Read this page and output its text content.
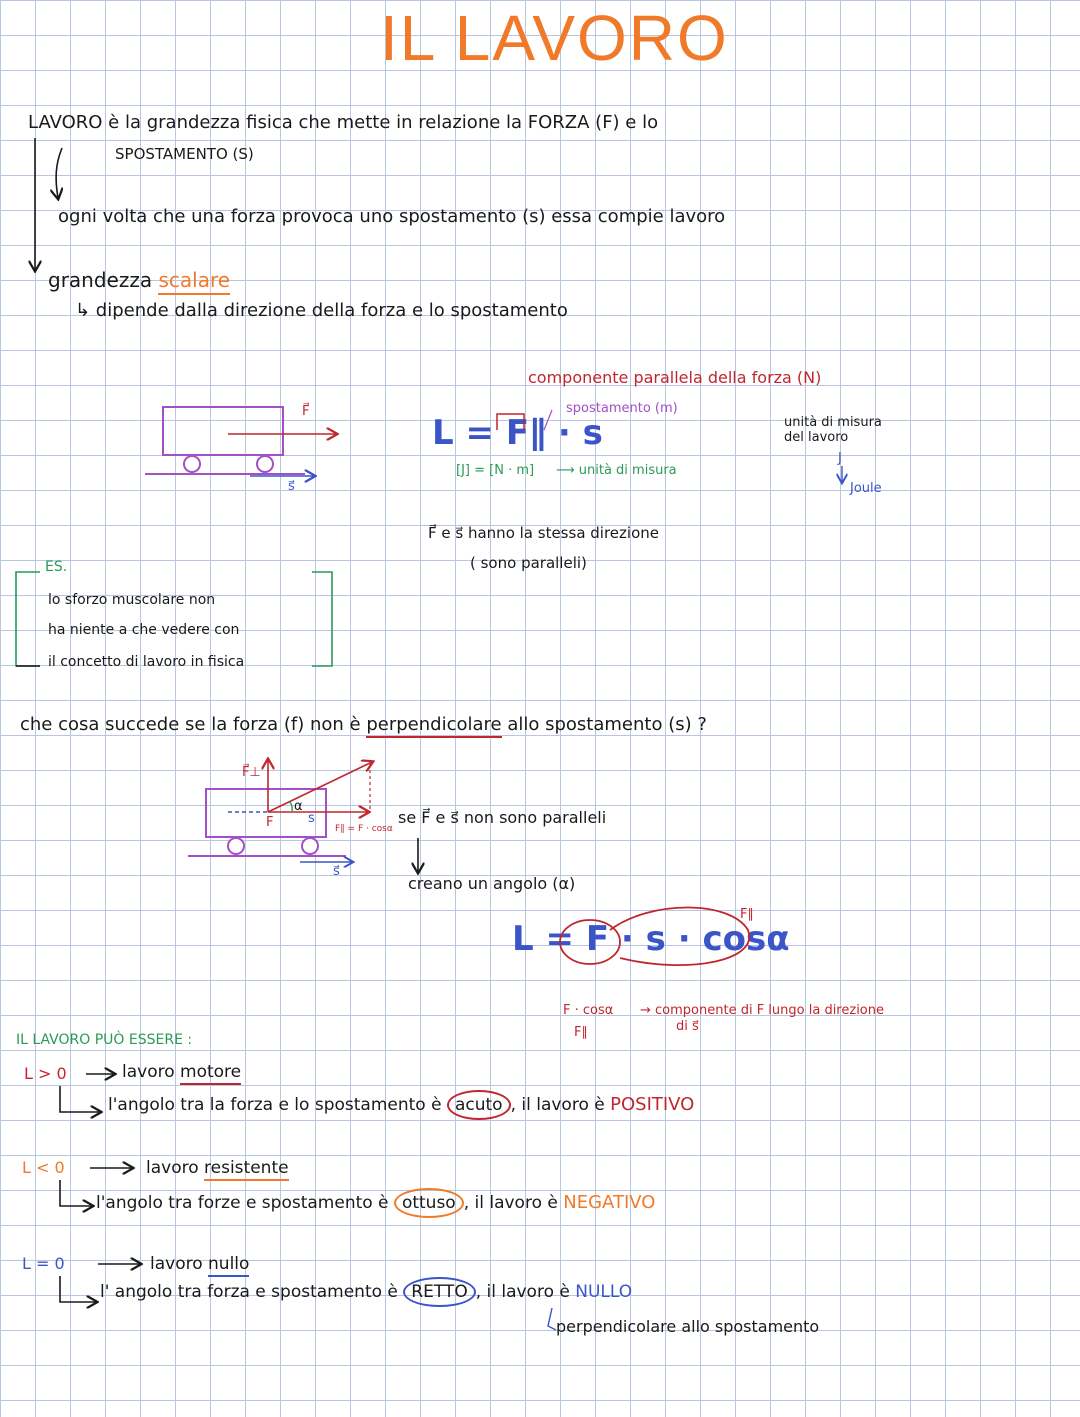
IL LAVORO
LAVORO è la grandezza fisica che mette in relazione la FORZA (F) e lo
SPOSTAMENTO (S)
ogni volta che una forza provoca uno spostamento (s) essa compie lavoro
grandezza scalare
↳ dipende dalla direzione della forza e lo spostamento
componente parallela della forza (N)
spostamento (m)
L = F∥ · s
[J] = [N · m] ⟶ unità di misura
unità di misura
del lavoro
J
Joule
F⃗ e s⃗ hanno la stessa direzione
( sono paralleli)
F⃗
s⃗
ES.
lo sforzo muscolare non
ha niente a che vedere con
il concetto di lavoro in fisica
che cosa succede se la forza (f) non è perpendicolare allo spostamento (s) ?
F⃗⊥
F	s
α
F∥ = F · cosα
s⃗
se F⃗ e s⃗ non sono paralleli
creano un angolo (α)
L = F · s · cosα
F∥
F · cosα → componente di F lungo la direzione
di s⃗
F∥
IL LAVORO PUÒ ESSERE :
L > 0	lavoro motore
l'angolo tra la forza e lo spostamento è acuto , il lavoro è POSITIVO
L < 0	lavoro resistente
l'angolo tra forze e spostamento è ottuso , il lavoro è NEGATIVO
L = 0	lavoro nullo
l' angolo tra forza e spostamento è RETTO , il lavoro è NULLO
perpendicolare allo spostamento
